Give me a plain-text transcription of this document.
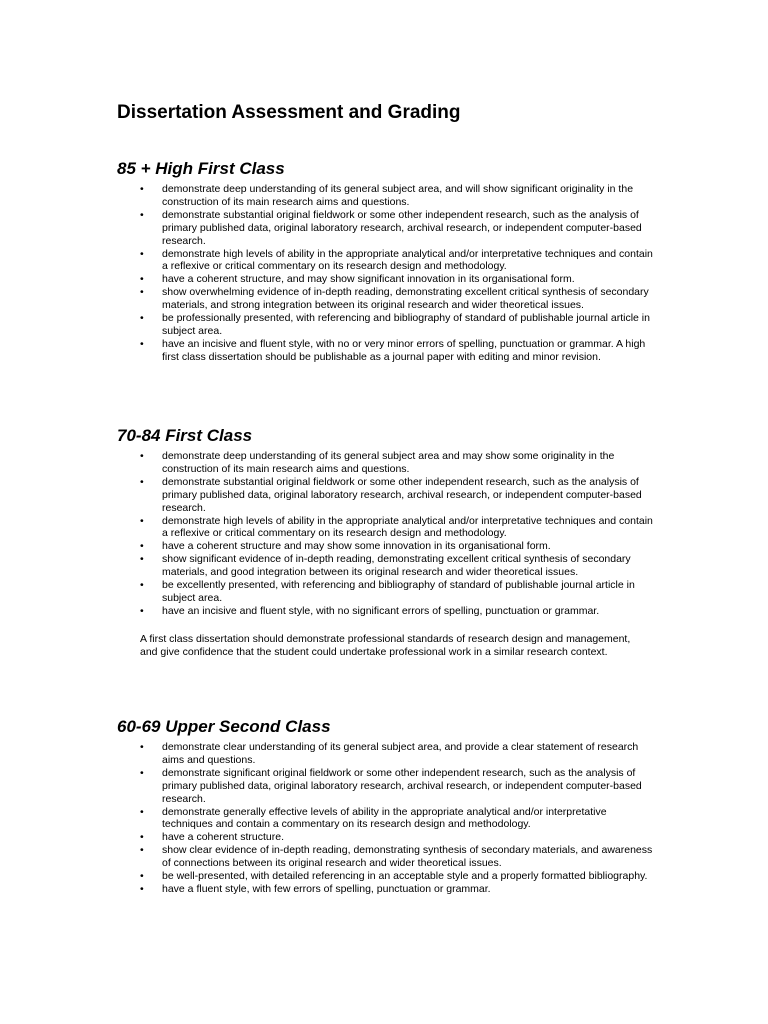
Dissertation Assessment and Grading
85 + High First Class
• demonstrate deep understanding of its general subject area, and will show significant originality in the construction of its main research aims and questions.
• demonstrate substantial original fieldwork or some other independent research, such as the analysis of primary published data, original laboratory research, archival research, or independent computer-based research.
• demonstrate high levels of ability in the appropriate analytical and/or interpretative techniques and contain a reflexive or critical commentary on its research design and methodology.
• have a coherent structure, and may show significant innovation in its organisational form.
• show overwhelming evidence of in-depth reading, demonstrating excellent critical synthesis of secondary materials, and strong integration between its original research and wider theoretical issues.
• be professionally presented, with referencing and bibliography of standard of publishable journal article in subject area.
• have an incisive and fluent style, with no or very minor errors of spelling, punctuation or grammar. A high first class dissertation should be publishable as a journal paper with editing and minor revision.
70-84 First Class
• demonstrate deep understanding of its general subject area and may show some originality in the construction of its main research aims and questions.
• demonstrate substantial original fieldwork or some other independent research, such as the analysis of primary published data, original laboratory research, archival research, or independent computer-based research.
• demonstrate high levels of ability in the appropriate analytical and/or interpretative techniques and contain a reflexive or critical commentary on its research design and methodology.
• have a coherent structure and may show some innovation in its organisational form.
• show significant evidence of in-depth reading, demonstrating excellent critical synthesis of secondary materials, and good integration between its original research and wider theoretical issues.
• be excellently presented, with referencing and bibliography of standard of publishable journal article in subject area.
• have an incisive and fluent style, with no significant errors of spelling, punctuation or grammar.

A first class dissertation should demonstrate professional standards of research design and management, and give confidence that the student could undertake professional work in a similar research context.

60-69 Upper Second Class
• demonstrate clear understanding of its general subject area, and provide a clear statement of research aims and questions.
• demonstrate significant original fieldwork or some other independent research, such as the analysis of primary published data, original laboratory research, archival research, or independent computer-based research.
• demonstrate generally effective levels of ability in the appropriate analytical and/or interpretative techniques and contain a commentary on its research design and methodology.
• have a coherent structure.
• show clear evidence of in-depth reading, demonstrating synthesis of secondary materials, and awareness of connections between its original research and wider theoretical issues.
• be well-presented, with detailed referencing in an acceptable style and a properly formatted bibliography.
• have a fluent style, with few errors of spelling, punctuation or grammar.
